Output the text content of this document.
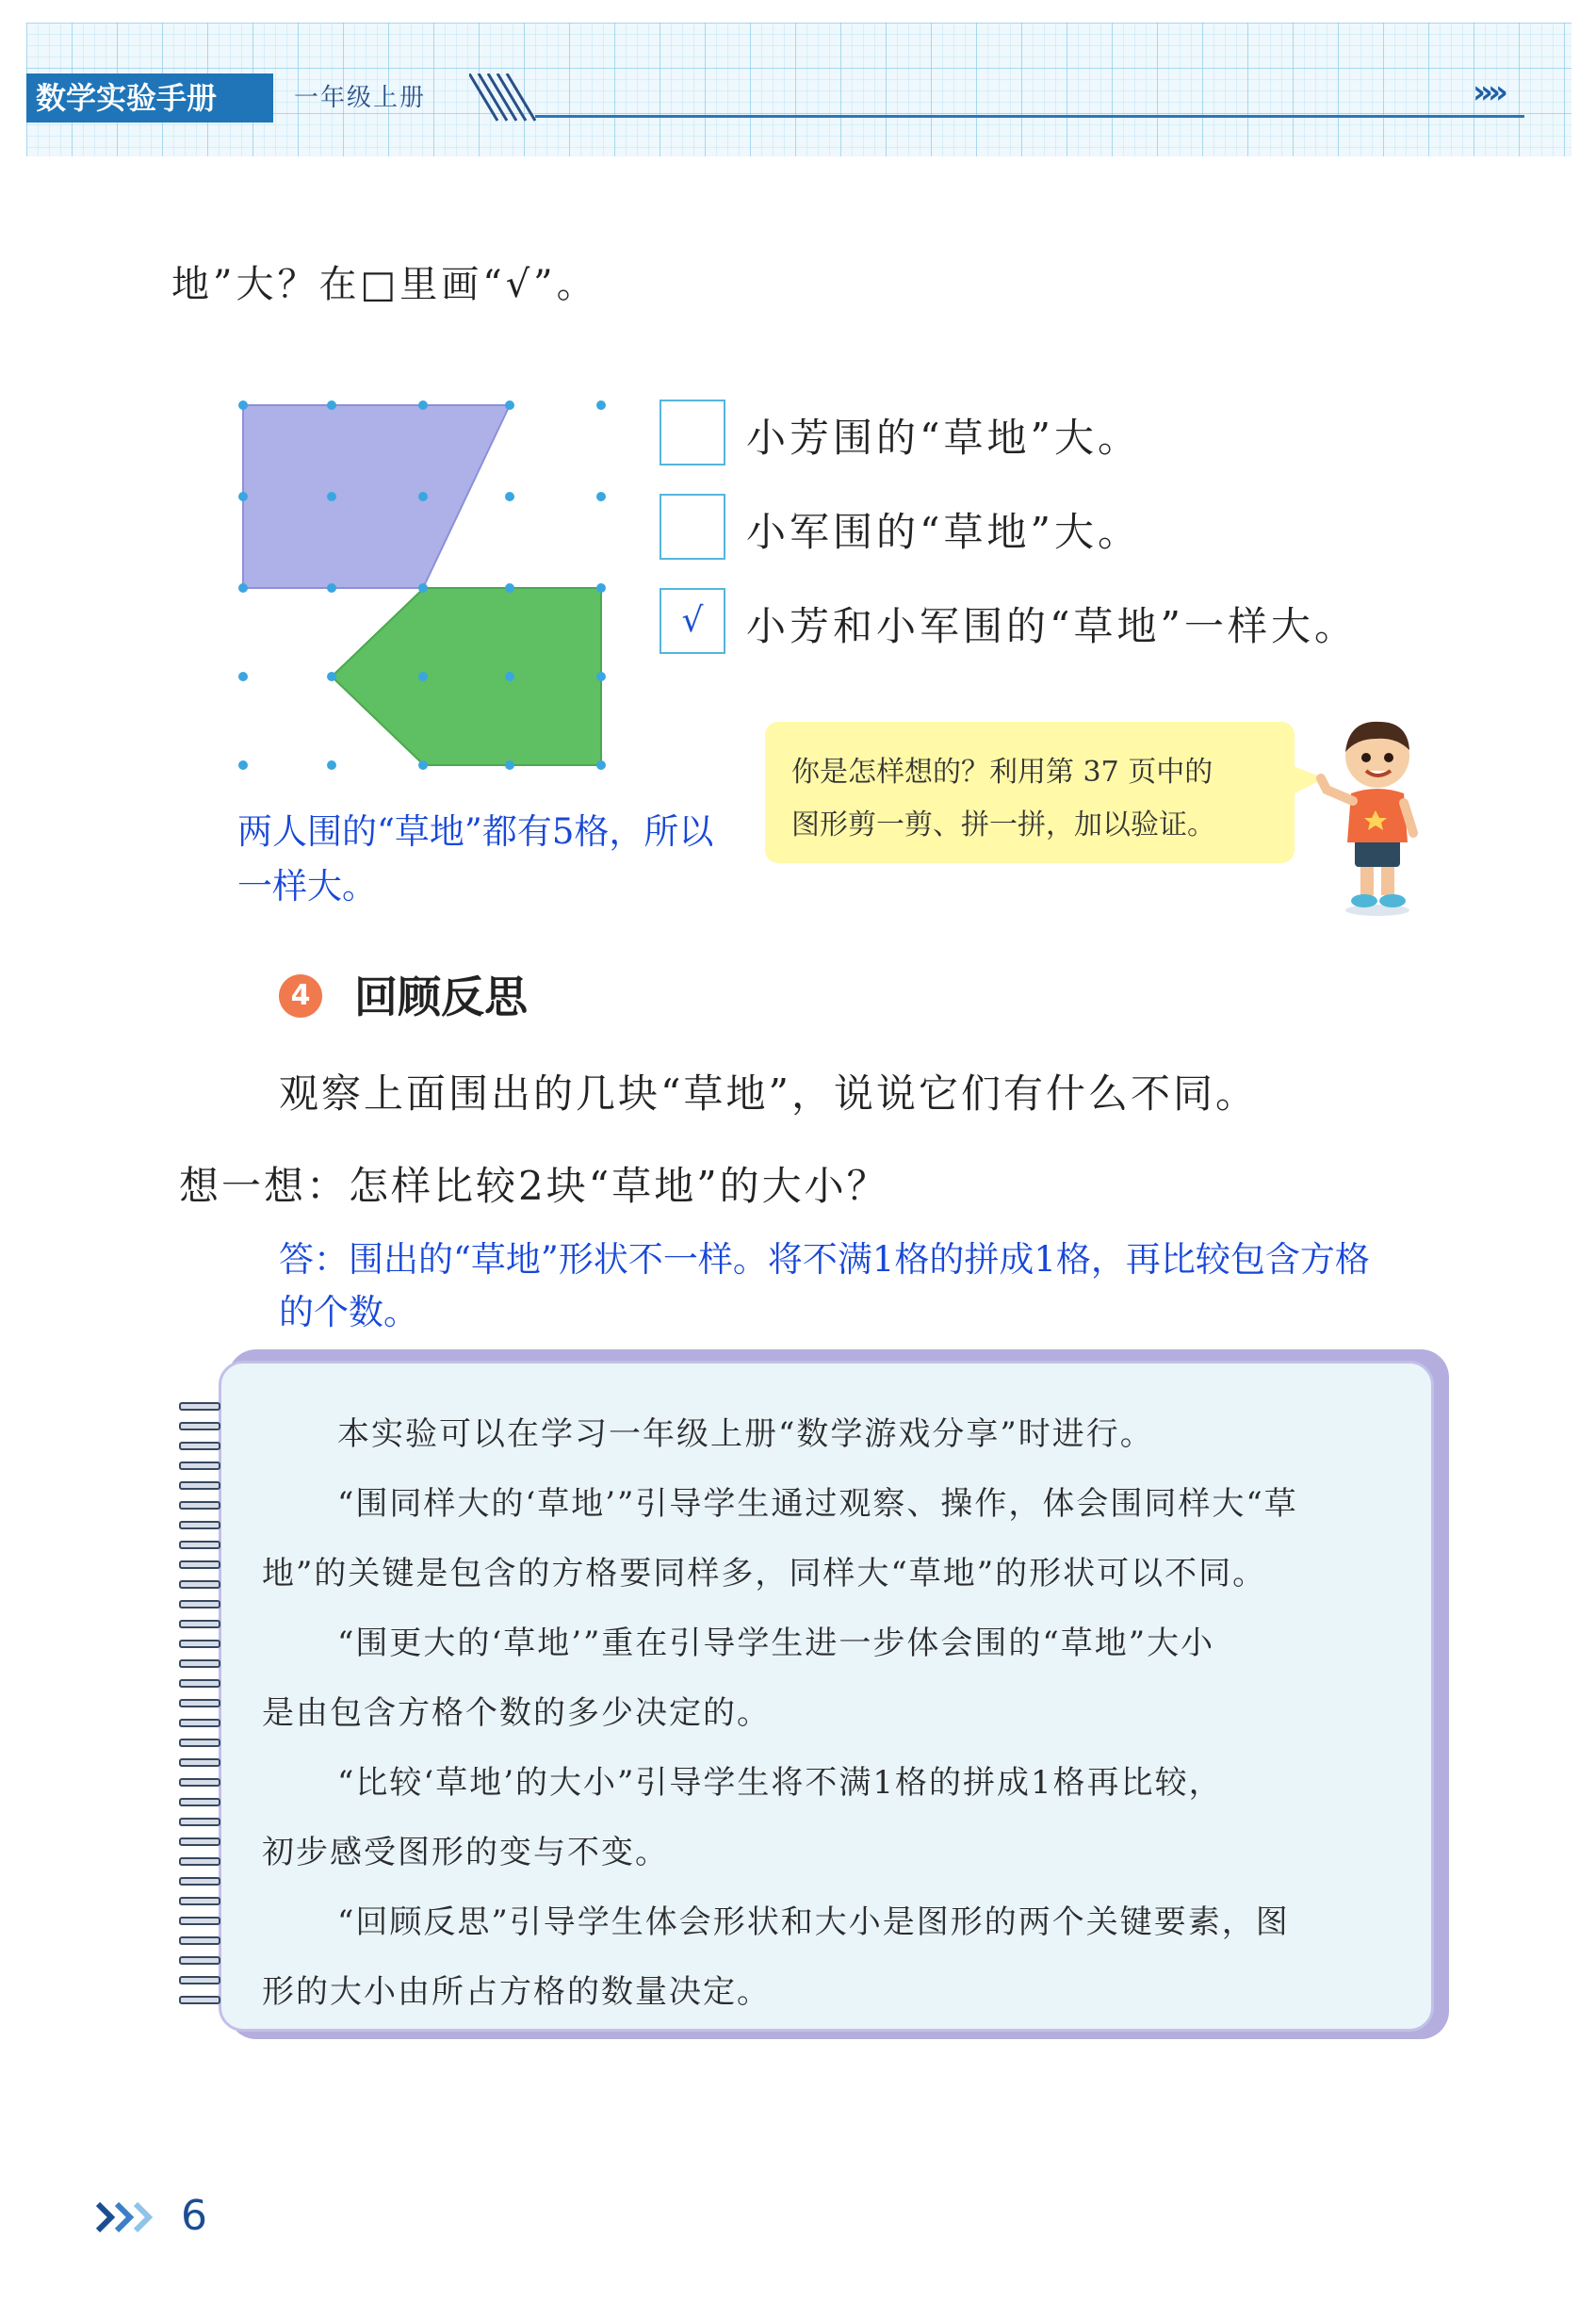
数学实验手册	一年级上册	»»
地”大？在□里画“√”。
小芳围的“草地”大。
小军围的“草地”大。
√	小芳和小军围的“草地”一样大。
两人围的“草地”都有5格，所以
一样大。
你是怎样想的？利用第 37 页中的
图形剪一剪、拼一拼，加以验证。
4 回顾反思
观察上面围出的几块“草地”，说说它们有什么不同。
想一想：怎样比较2块“草地”的大小？
答：围出的“草地”形状不一样。将不满1格的拼成1格，再比较包含方格
的个数。
本实验可以在学习一年级上册“数学游戏分享”时进行。
“围同样大的‘草地’”引导学生通过观察、操作，体会围同样大“草
地”的关键是包含的方格要同样多，同样大“草地”的形状可以不同。
“围更大的‘草地’”重在引导学生进一步体会围的“草地”大小
是由包含方格个数的多少决定的。
“比较‘草地’的大小”引导学生将不满1格的拼成1格再比较，
初步感受图形的变与不变。
“回顾反思”引导学生体会形状和大小是图形的两个关键要素，图
形的大小由所占方格的数量决定。
6
